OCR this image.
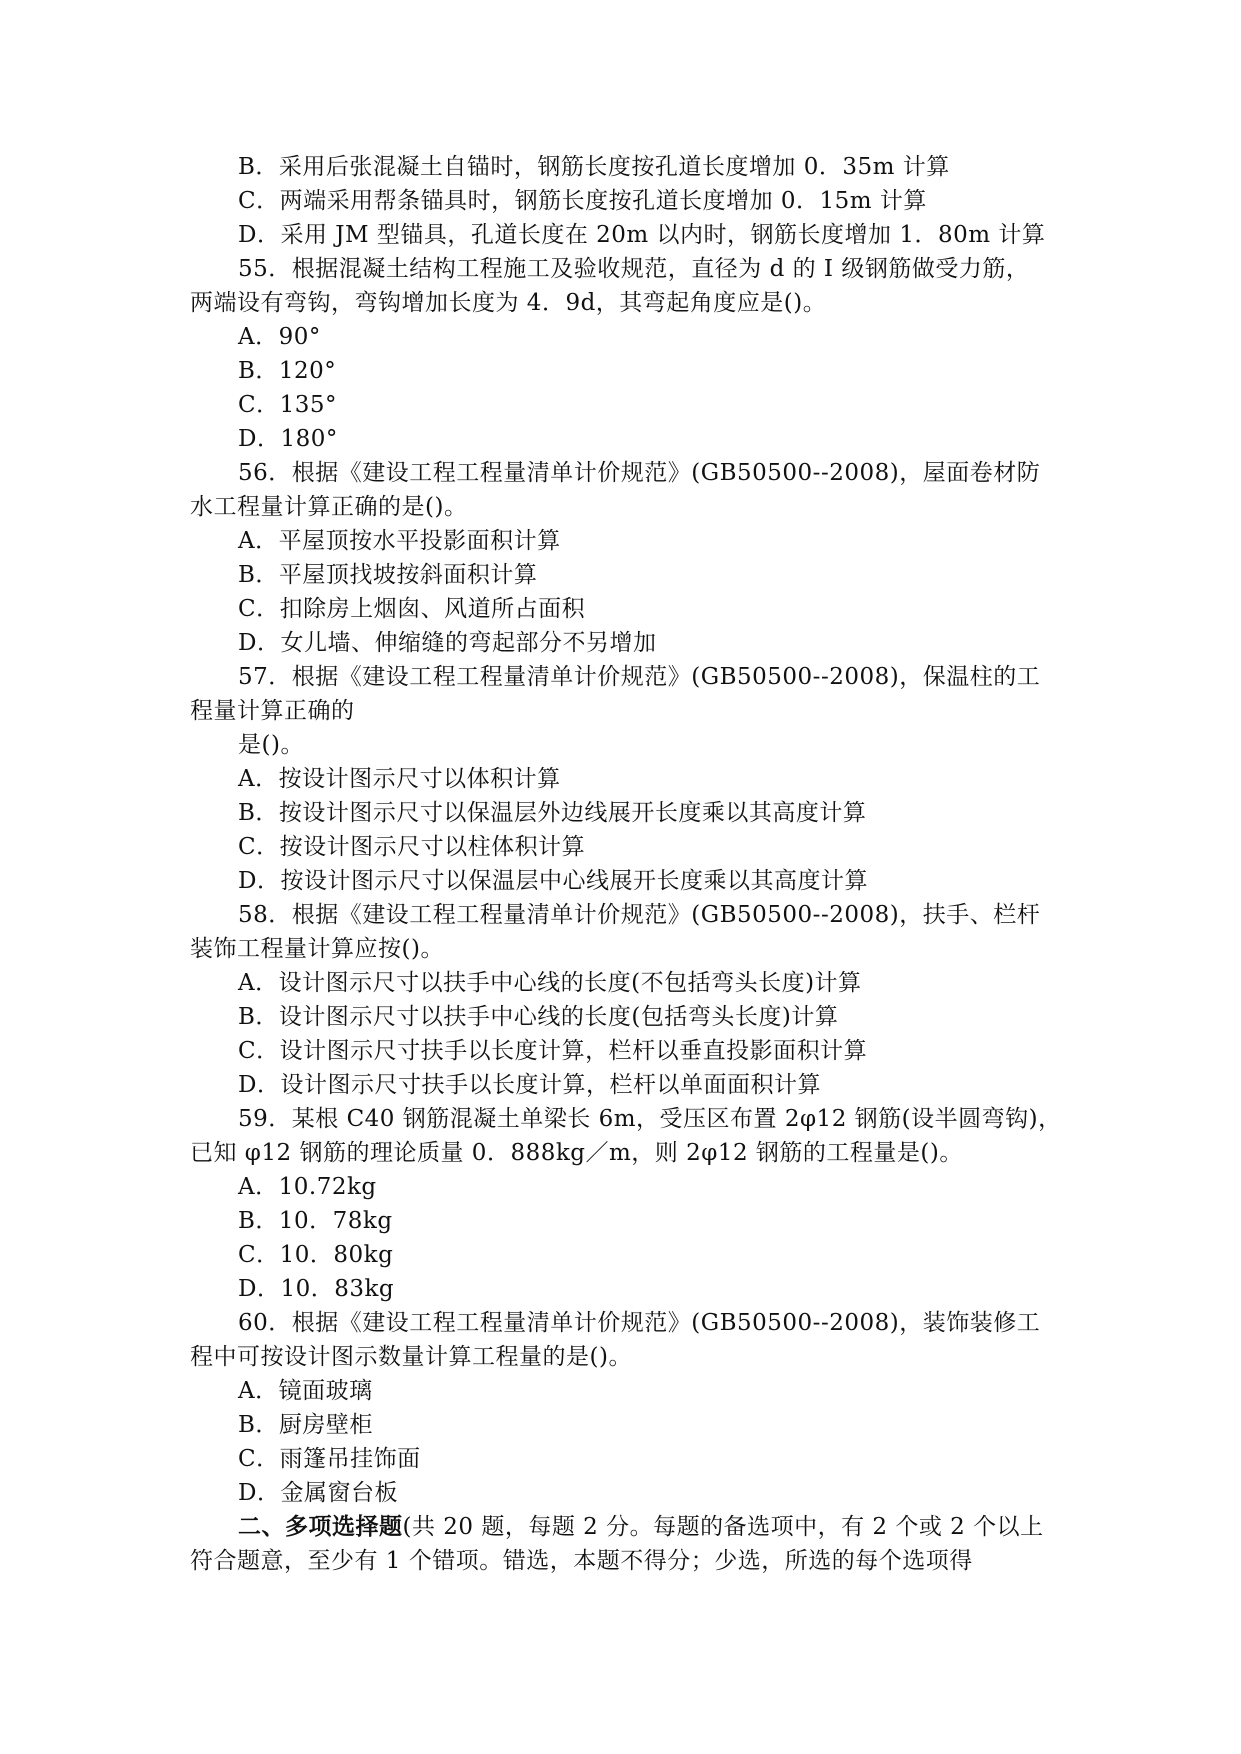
B．采用后张混凝土自锚时，钢筋长度按孔道长度增加 0．35m 计算
C．两端采用帮条锚具时，钢筋长度按孔道长度增加 0．15m 计算
D．采用 JM 型锚具，孔道长度在 20m 以内时，钢筋长度增加 1．80m 计算
55．根据混凝土结构工程施工及验收规范，直径为 d 的 I 级钢筋做受力筋，
两端设有弯钩，弯钩增加长度为 4．9d，其弯起角度应是()。
A．90°
B．120°
C．135°
D．180°
56．根据《建设工程工程量清单计价规范》(GB50500--2008)，屋面卷材防
水工程量计算正确的是()。
A．平屋顶按水平投影面积计算
B．平屋顶找坡按斜面积计算
C．扣除房上烟囱、风道所占面积
D．女儿墙、伸缩缝的弯起部分不另增加
57．根据《建设工程工程量清单计价规范》(GB50500--2008)，保温柱的工
程量计算正确的
是()。
A．按设计图示尺寸以体积计算
B．按设计图示尺寸以保温层外边线展开长度乘以其高度计算
C．按设计图示尺寸以柱体积计算
D．按设计图示尺寸以保温层中心线展开长度乘以其高度计算
58．根据《建设工程工程量清单计价规范》(GB50500--2008)，扶手、栏杆
装饰工程量计算应按()。
A．设计图示尺寸以扶手中心线的长度(不包括弯头长度)计算
B．设计图示尺寸以扶手中心线的长度(包括弯头长度)计算
C．设计图示尺寸扶手以长度计算，栏杆以垂直投影面积计算
D．设计图示尺寸扶手以长度计算，栏杆以单面面积计算
59．某根 C40 钢筋混凝土单梁长 6m，受压区布置 2φ12 钢筋(设半圆弯钩)，
已知 φ12 钢筋的理论质量 0．888kg／m，则 2φ12 钢筋的工程量是()。
A．10.72kg
B．10．78kg
C．10．80kg
D．10．83kg
60．根据《建设工程工程量清单计价规范》(GB50500--2008)，装饰装修工
程中可按设计图示数量计算工程量的是()。
A．镜面玻璃
B．厨房壁柜
C．雨篷吊挂饰面
D．金属窗台板
二、多项选择题(共 20 题，每题 2 分。每题的备选项中，有 2 个或 2 个以上
符合题意，至少有 1 个错项。错选，本题不得分；少选，所选的每个选项得
